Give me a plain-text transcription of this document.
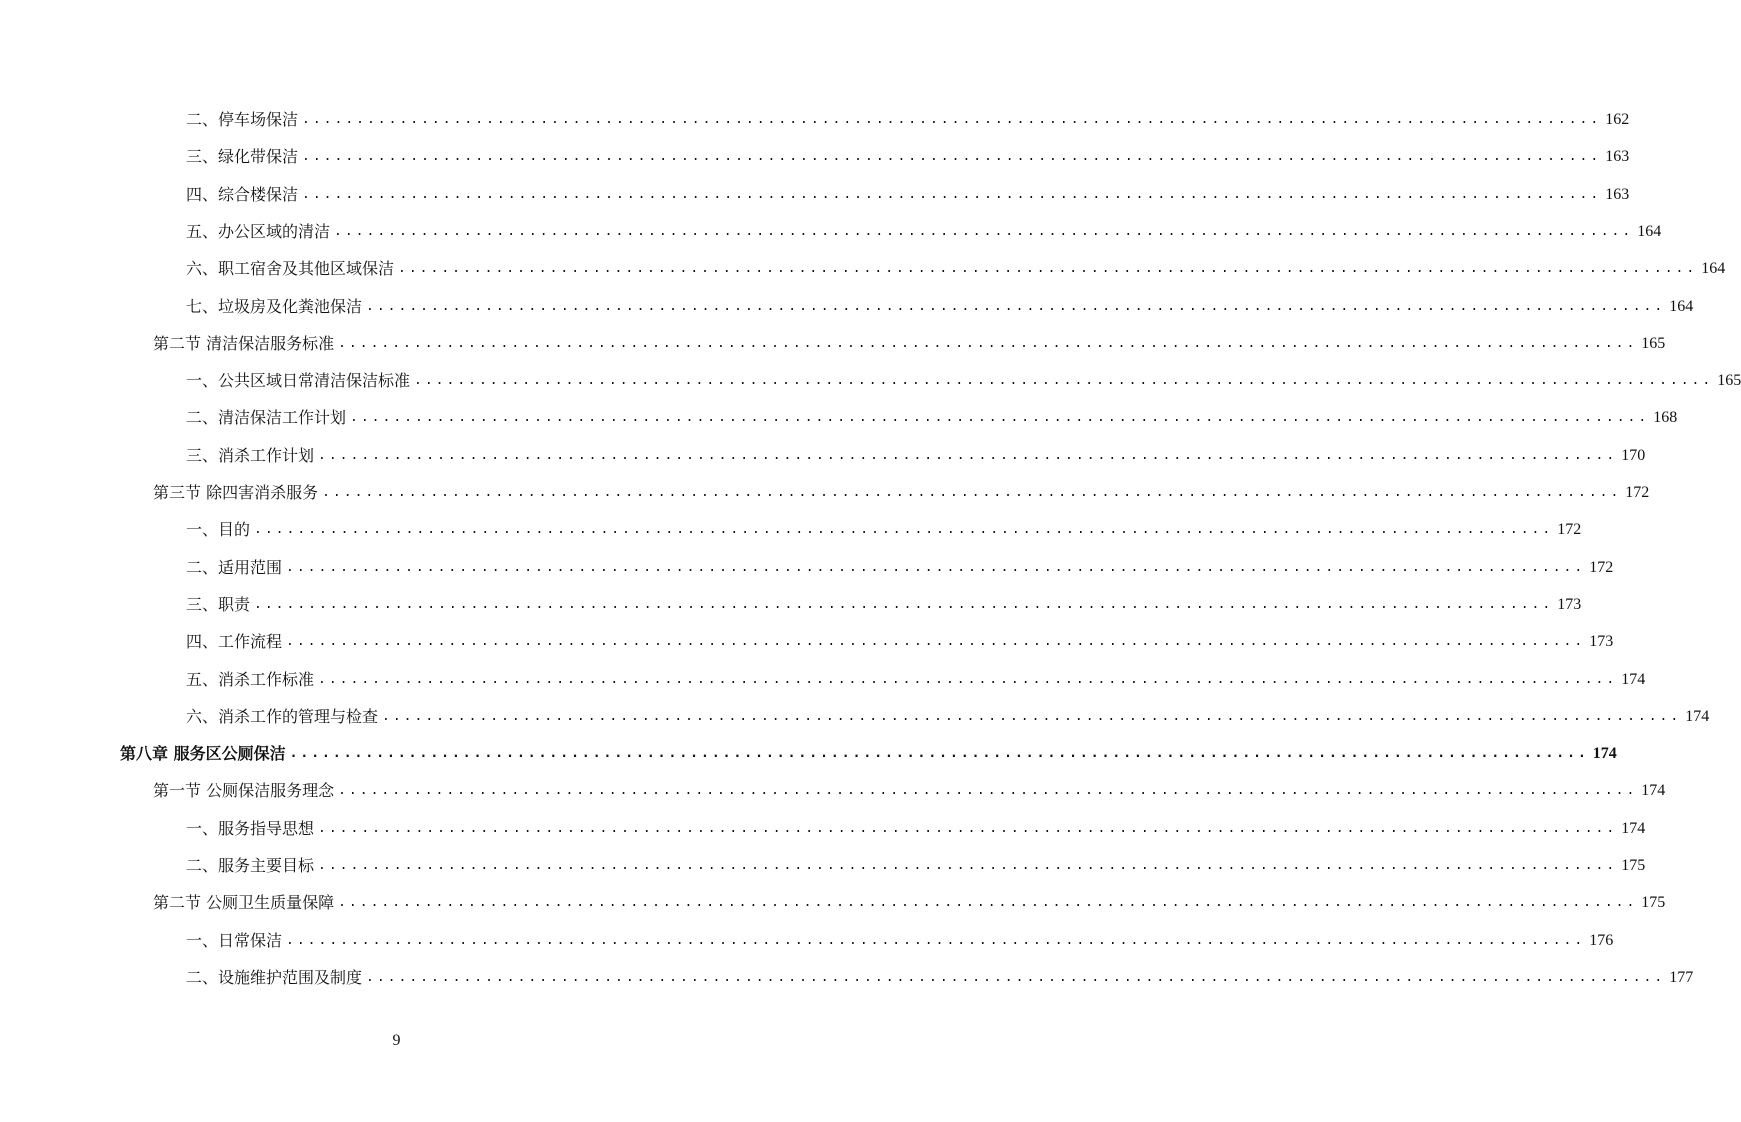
二、停车场保洁 ........................................................................................................................ 162
三、绿化带保洁 ........................................................................................................................ 163
四、综合楼保洁 ........................................................................................................................ 163
五、办公区域的清洁 ........................................................................................................................ 164
六、职工宿舍及其他区域保洁 ........................................................................................................................ 164
七、垃圾房及化粪池保洁 ........................................................................................................................ 164
第二节 清洁保洁服务标准 ........................................................................................................................ 165
一、公共区域日常清洁保洁标准 ........................................................................................................................ 165
二、清洁保洁工作计划 ........................................................................................................................ 168
三、消杀工作计划 ........................................................................................................................ 170
第三节 除四害消杀服务 ........................................................................................................................ 172
一、目的 ........................................................................................................................ 172
二、适用范围 ........................................................................................................................ 172
三、职责 ........................................................................................................................ 173
四、工作流程 ........................................................................................................................ 173
五、消杀工作标准 ........................................................................................................................ 174
六、消杀工作的管理与检查 ........................................................................................................................ 174
第八章 服务区公厕保洁 ........................................................................................................................ 174
第一节 公厕保洁服务理念 ........................................................................................................................ 174
一、服务指导思想 ........................................................................................................................ 174
二、服务主要目标 ........................................................................................................................ 175
第二节 公厕卫生质量保障 ........................................................................................................................ 175
一、日常保洁 ........................................................................................................................ 176
二、设施维护范围及制度 ........................................................................................................................ 177
9
